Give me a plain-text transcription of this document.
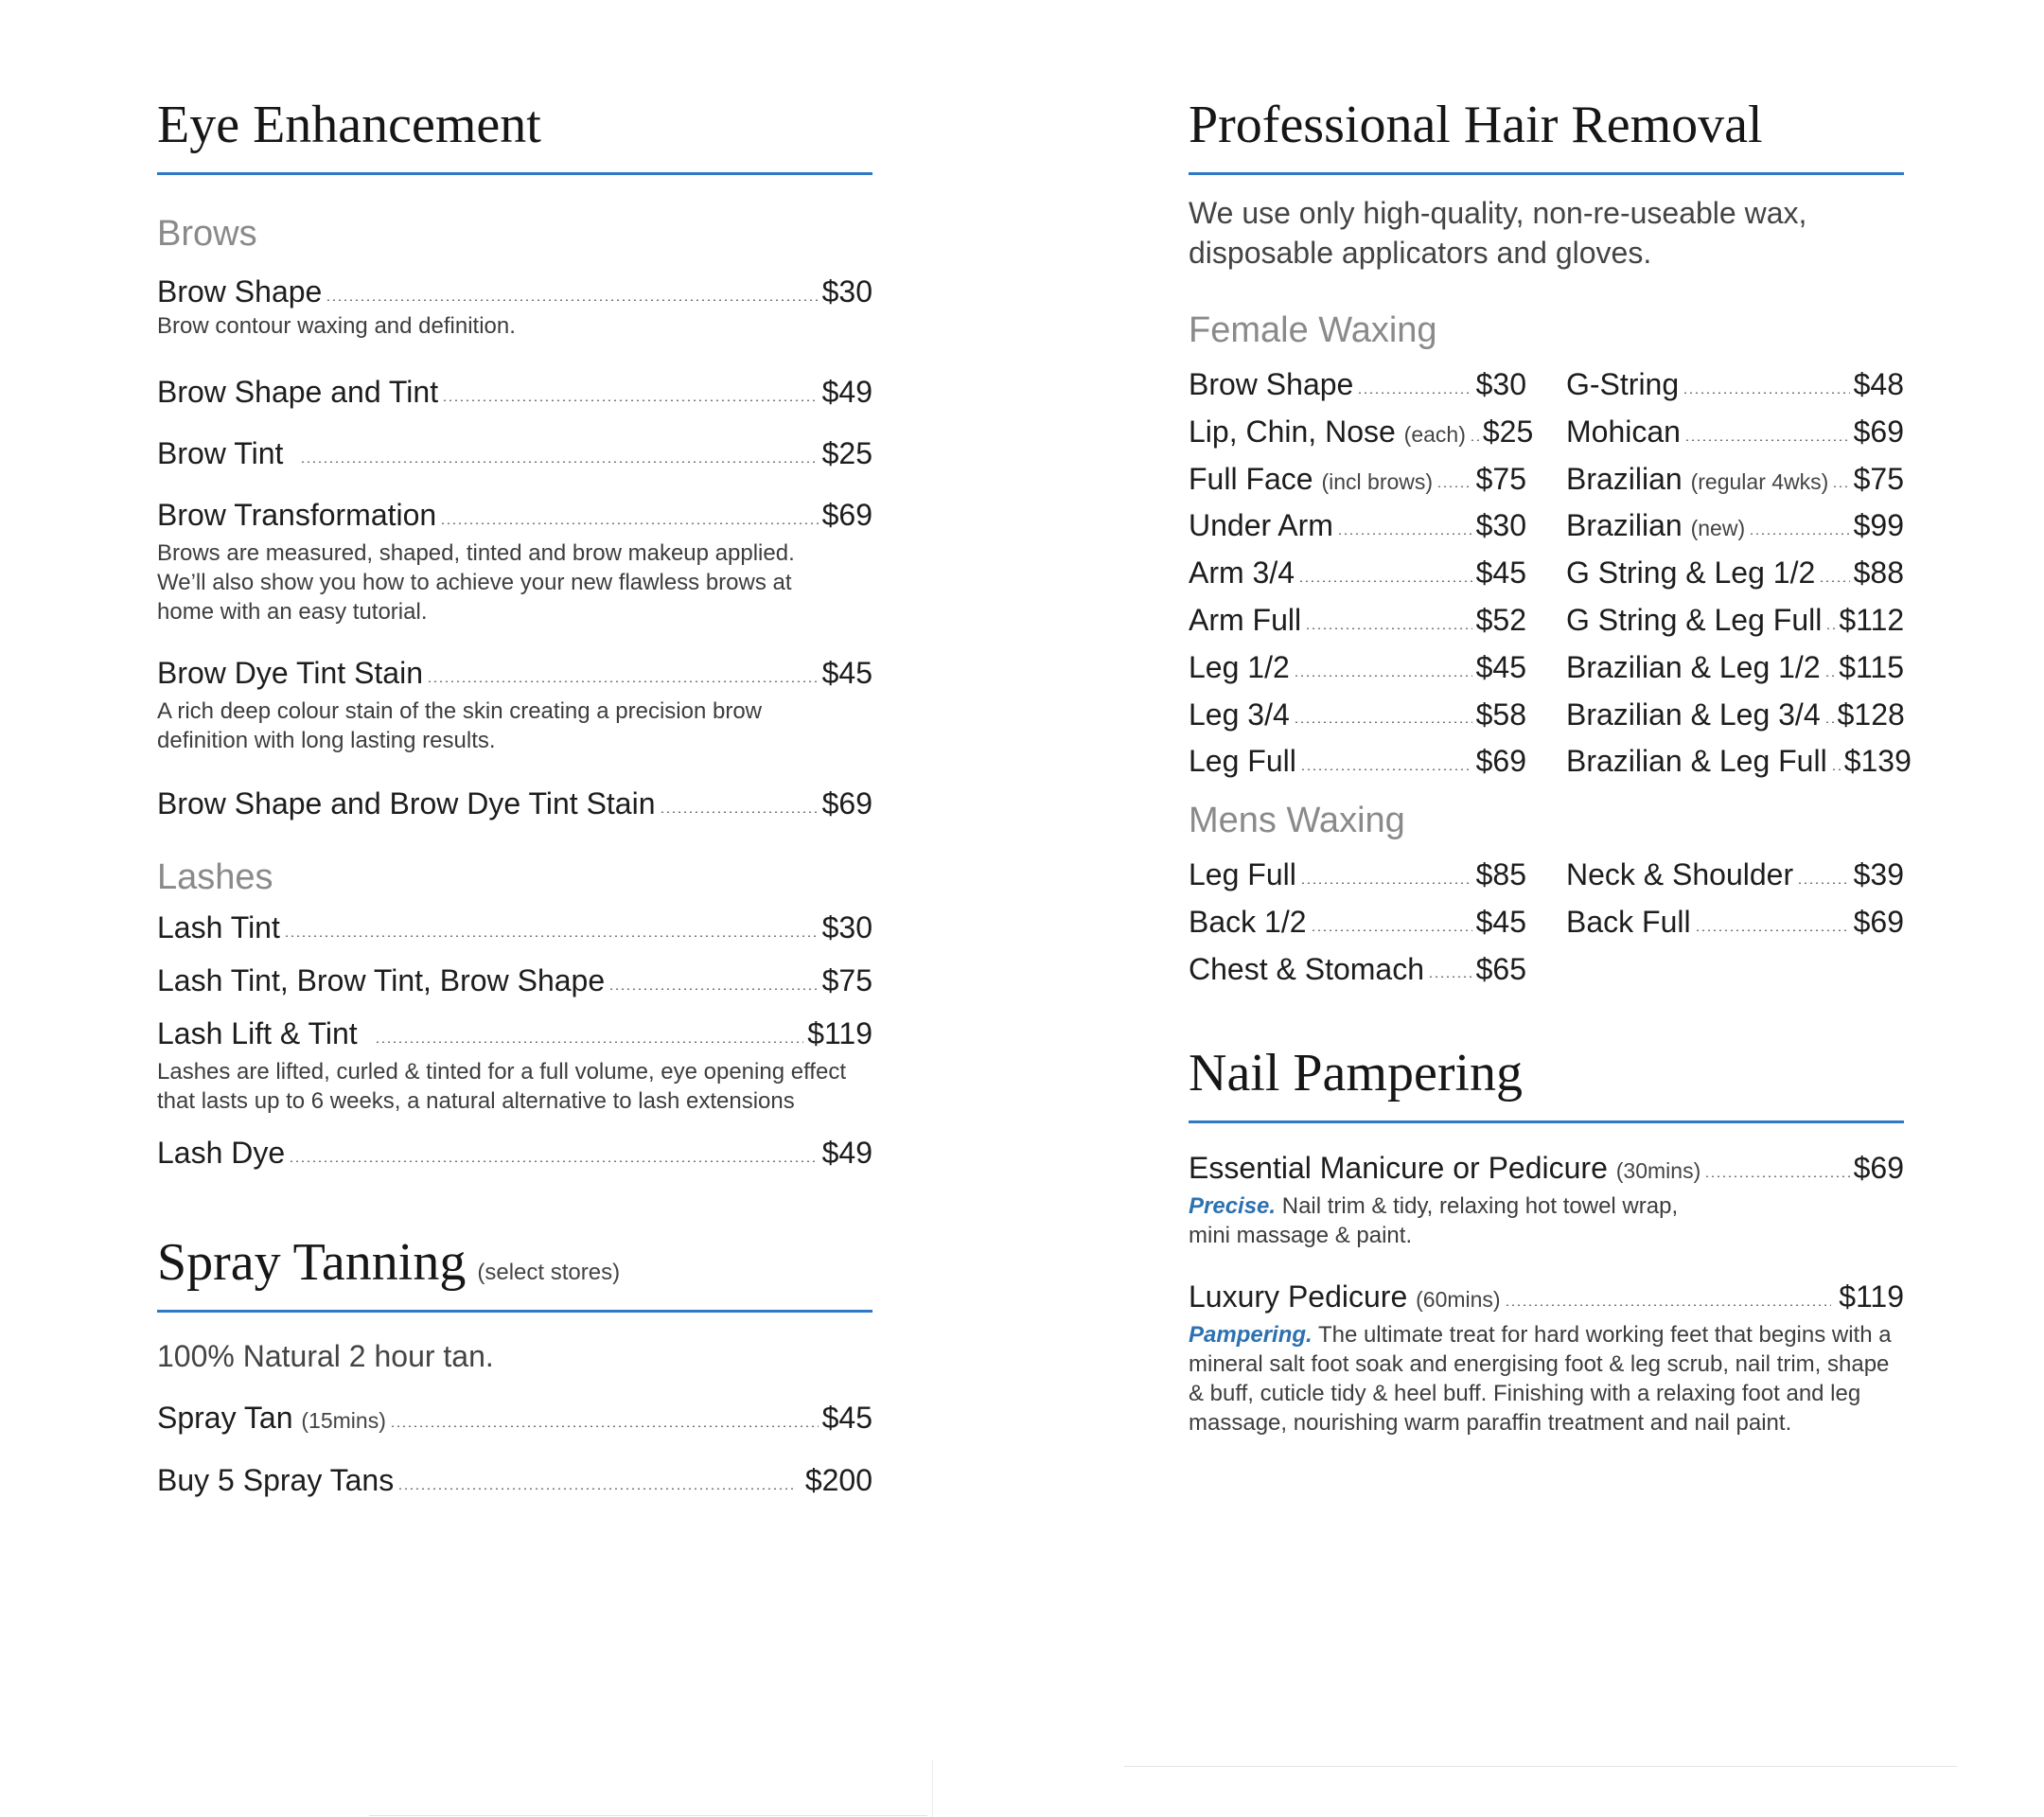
Eye Enhancement
Brows
Brow Shape	$30
Brow contour waxing and definition.
Brow Shape and Tint	$49
Brow Tint	$25
Brow Transformation	$69
Brows are measured, shaped, tinted and brow makeup applied. We’ll also show you how to achieve your new flawless brows at home with an easy tutorial.
Brow Dye Tint Stain	$45
A rich deep colour stain of the skin creating a precision brow definition with long lasting results.
Brow Shape and Brow Dye Tint Stain	$69
Lashes
Lash Tint	$30
Lash Tint, Brow Tint, Brow Shape	$75
Lash Lift & Tint	$119
Lashes are lifted, curled & tinted for a full volume, eye opening effect that lasts up to 6 weeks, a natural alternative to lash extensions
Lash Dye	$49
Spray Tanning (select stores)
100% Natural 2 hour tan.
Spray Tan (15mins)	$45
Buy 5 Spray Tans	$200
Professional Hair Removal
We use only high-quality, non-re-useable wax, disposable applicators and gloves.
Female Waxing
Brow Shape	$30
Lip, Chin, Nose (each) $25
Full Face (incl brows) $75
Under Arm	$30
Arm 3/4	$45
Arm Full	$52
Leg 1/2	$45
Leg 3/4	$58
Leg Full	$69
G-String	$48
Mohican	$69
Brazilian (regular 4wks) $75
Brazilian (new)	$99
G String & Leg 1/2 $88
G String & Leg Full $112
Brazilian & Leg 1/2 $115
Brazilian & Leg 3/4 $128
Brazilian & Leg Full $139
Mens Waxing
Leg Full	$85
Back 1/2	$45
Chest & Stomach $65
Neck & Shoulder $39
Back Full	$69
Nail Pampering
Essential Manicure or Pedicure (30mins)	$69
Precise. Nail trim & tidy, relaxing hot towel wrap, mini massage & paint.
Luxury Pedicure (60mins)	$119
Pampering. The ultimate treat for hard working feet that begins with a mineral salt foot soak and energising foot & leg scrub, nail trim, shape & buff, cuticle tidy & heel buff. Finishing with a relaxing foot and leg massage, nourishing warm paraffin treatment and nail paint.
